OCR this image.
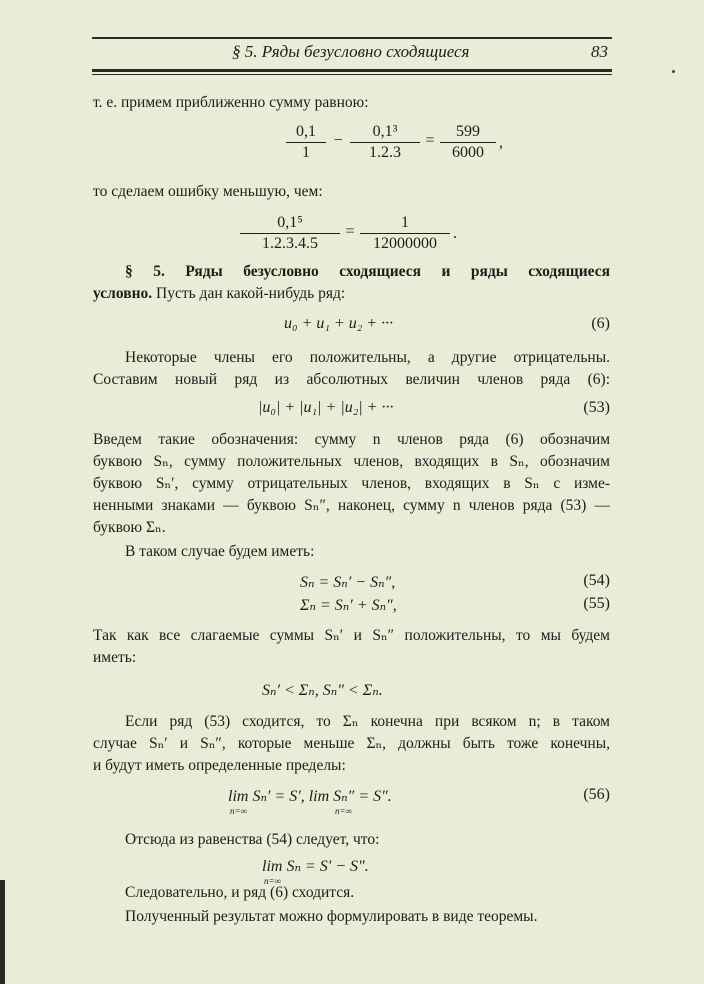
§ 5. Ряды безусловно сходящиеся	83
т. е. примем приближенно сумму равною:
$\frac{0,1}{1} - \frac{\text{0,1³}}{1.2.3} = \frac{599}{6000}$ ,
то сделаем ошибку меньшую, чем:
$\frac{\text{0,1⁵}}{1.2.3.4.5} = \frac{1}{12000000}$ .
§ 5. Ряды безусловно сходящиеся и ряды сходящиеся
условно. Пусть дан какой-нибудь ряд:
u₀ + u₁ + u₂ + ···	(6)
Некоторые члены его положительны, а другие отрицательны.
Составим новый ряд из абсолютных величин членов ряда (6):
|u₀| + |u₁| + |u₂| + ···	(53)
Введем такие обозначения: сумму n членов ряда (6) обозначим
буквою Sₙ, сумму положительных членов, входящих в Sₙ, обозначим
буквою Sₙ′, сумму отрицательных членов, входящих в Sₙ с изме-
ненными знаками — буквою Sₙ″, наконец, сумму n членов ряда (53) —
буквою Σₙ.
В таком случае будем иметь:
Sₙ = Sₙ′ − Sₙ″,	(54)
Σₙ = Sₙ′ + Sₙ″,	(55)
Так как все слагаемые суммы Sₙ′ и Sₙ″ положительны, то мы будем
иметь:
Sₙ′ < Σₙ, Sₙ″ < Σₙ.
Если ряд (53) сходится, то Σₙ конечна при всяком n; в таком
случае Sₙ′ и Sₙ″, которые меньше Σₙ, должны быть тоже конечны,
и будут иметь определенные пределы:
lim Sₙ′ = S′, lim Sₙ″ = S″.
n=∞	n=∞
(56)
Отсюда из равенства (54) следует, что:
lim Sₙ = S′ − S″.
n=∞
Следовательно, и ряд (6) сходится.
Полученный результат можно формулировать в виде теоремы.
